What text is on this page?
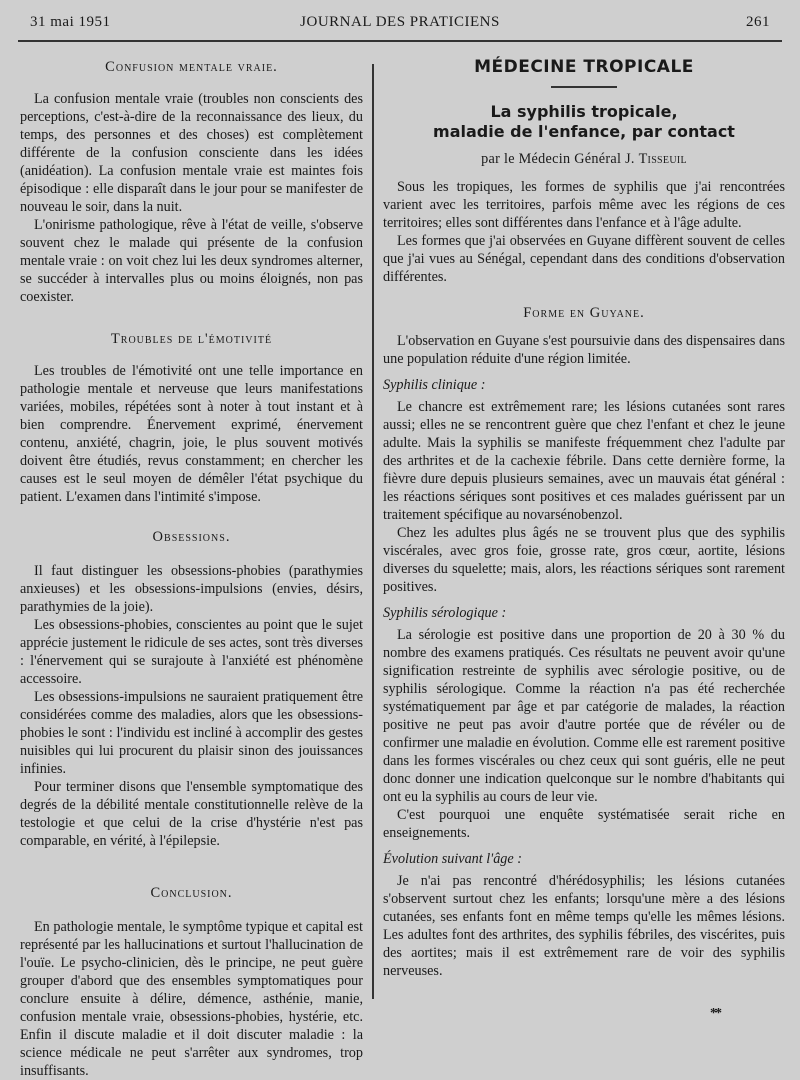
31 mai 1951	JOURNAL DES PRATICIENS	261
Confusion mentale vraie.

La confusion mentale vraie (troubles non conscients des perceptions, c'est-à-dire de la reconnaissance des lieux, du temps, des personnes et des choses) est complètement différente de la confusion consciente dans les idées (anidéation). La confusion mentale vraie est maintes fois épisodique : elle disparaît dans le jour pour se manifester de nouveau le soir, dans la nuit.

L'onirisme pathologique, rêve à l'état de veille, s'observe souvent chez le malade qui présente de la confusion mentale vraie : on voit chez lui les deux syndromes alterner, se succéder à intervalles plus ou moins éloignés, non pas coexister.

Troubles de l'émotivité

Les troubles de l'émotivité ont une telle importance en pathologie mentale et nerveuse que leurs manifestations variées, mobiles, répétées sont à noter à tout instant et à bien comprendre. Énervement exprimé, énervement contenu, anxiété, chagrin, joie, le plus souvent motivés doivent être étudiés, revus constamment; en chercher les causes est le seul moyen de démêler l'état psychique du patient. L'examen dans l'intimité s'impose.

Obsessions.

Il faut distinguer les obsessions-phobies (parathymies anxieuses) et les obsessions-impulsions (envies, désirs, parathymies de la joie).

Les obsessions-phobies, conscientes au point que le sujet apprécie justement le ridicule de ses actes, sont très diverses : l'énervement qui se surajoute à l'anxiété est phénomène accessoire.

Les obsessions-impulsions ne sauraient pratiquement être considérées comme des maladies, alors que les obsessions-phobies le sont : l'individu est incliné à accomplir des gestes nuisibles qui lui procurent du plaisir sinon des jouissances infinies.

Pour terminer disons que l'ensemble symptomatique des degrés de la débilité mentale constitutionnelle relève de la testologie et que celui de la crise d'hystérie n'est pas comparable, en vérité, à l'épilepsie.

Conclusion.

En pathologie mentale, le symptôme typique et capital est représenté par les hallucinations et surtout l'hallucination de l'ouïe. Le psycho-clinicien, dès le principe, ne peut guère grouper d'abord que des ensembles symptomatiques pour conclure ensuite à délire, démence, asthénie, manie, confusion mentale vraie, obsessions-phobies, hystérie, etc. Enfin il discute maladie et il doit discuter maladie : la science médicale ne peut s'arrêter aux syndromes, trop insuffisants.

MÉDECINE TROPICALE
La syphilis tropicale,
maladie de l'enfance, par contact

par le Médecin Général J. Tisseuil

Sous les tropiques, les formes de syphilis que j'ai rencontrées varient avec les territoires, parfois même avec les régions de ces territoires; elles sont différentes dans l'enfance et à l'âge adulte.

Les formes que j'ai observées en Guyane diffèrent souvent de celles que j'ai vues au Sénégal, cependant dans des conditions d'observation différentes.

Forme en Guyane.

L'observation en Guyane s'est poursuivie dans des dispensaires dans une population réduite d'une région limitée.

Syphilis clinique :

Le chancre est extrêmement rare; les lésions cutanées sont rares aussi; elles ne se rencontrent guère que chez l'enfant et chez le jeune adulte. Mais la syphilis se manifeste fréquemment chez l'adulte par des arthrites et de la cachexie fébrile. Dans cette dernière forme, la fièvre dure depuis plusieurs semaines, avec un mauvais état général : les réactions sériques sont positives et ces malades guérissent par un traitement spécifique au novarsénobenzol.

Chez les adultes plus âgés ne se trouvent plus que des syphilis viscérales, avec gros foie, grosse rate, gros cœur, aortite, lésions diverses du squelette; mais, alors, les réactions sériques sont rarement positives.

Syphilis sérologique :

La sérologie est positive dans une proportion de 20 à 30 % du nombre des examens pratiqués. Ces résultats ne peuvent avoir qu'une signification restreinte de syphilis avec sérologie positive, ou de syphilis sérologique. Comme la réaction n'a pas été recherchée systématiquement par âge et par catégorie de malades, la réaction positive ne peut pas avoir d'autre portée que de révéler ou de confirmer une maladie en évolution. Comme elle est rarement positive dans les formes viscérales ou chez ceux qui sont guéris, elle ne peut donc donner une indication quelconque sur le nombre d'habitants qui ont eu la syphilis au cours de leur vie.

C'est pourquoi une enquête systématisée serait riche en enseignements.

Évolution suivant l'âge :

Je n'ai pas rencontré d'hérédosyphilis; les lésions cutanées s'observent surtout chez les enfants; lorsqu'une mère a des lésions cutanées, ses enfants font en même temps qu'elle les mêmes lésions. Les adultes font des arthrites, des syphilis fébriles, des viscérites, puis des aortites; mais il est extrêmement rare de voir des syphilis nerveuses.

**
